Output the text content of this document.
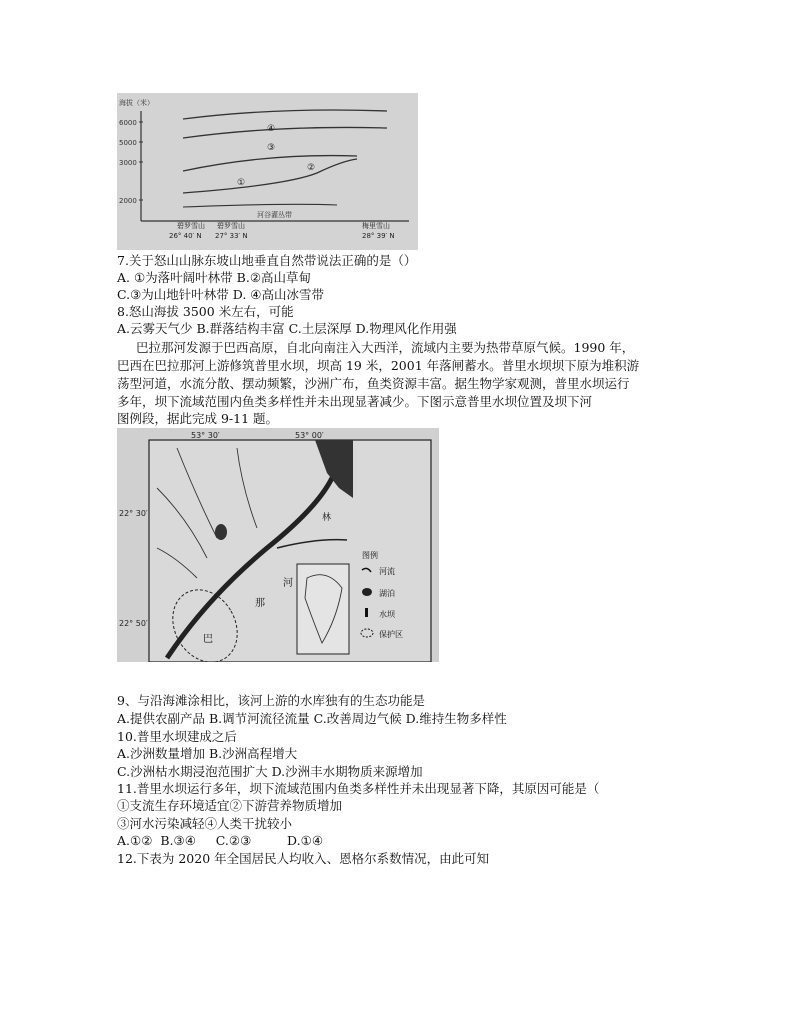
海拔（米）
6000
5000
3000
2000
④
③
②
①
河谷灌丛带
碧罗雪山
26° 40′ N
碧罗雪山
27° 33′ N
梅里雪山
28° 39′ N
7.关于怒山山脉东坡山地垂直自然带说法正确的是（）
A. ①为落叶阔叶林带 B.②高山草甸
C.③为山地针叶林带 D. ④高山冰雪带
8.怒山海拔 3500 米左右，可能
A.云雾天气少 B.群落结构丰富 C.土层深厚 D.物理风化作用强
巴拉那河发源于巴西高原，自北向南注入大西洋，流域内主要为热带草原气候。1990 年，
巴西在巴拉那河上游修筑普里水坝，坝高 19 米，2001 年落闸蓄水。普里水坝坝下原为堆积游
荡型河道，水流分散、摆动频繁，沙洲广布，鱼类资源丰富。据生物学家观测，普里水坝运行
多年，坝下流域范围内鱼类多样性并未出现显著减少。下图示意普里水坝位置及坝下河
图例段，据此完成 9-11 题。
53° 30′	53° 00′
22° 30′
22° 50′
林
河
那
巴
图例
河流
湖泊
水坝
保护区
9、与沿海滩涂相比，该河上游的水库独有的生态功能是
A.提供农副产品 B.调节河流径流量 C.改善周边气候 D.维持生物多样性
10.普里水坝建成之后
A.沙洲数量增加 B.沙洲高程增大
C.沙洲枯水期浸泡范围扩大 D.沙洲丰水期物质来源增加
11.普里水坝运行多年，坝下流域范围内鱼类多样性并未出现显著下降，其原因可能是（
①支流生存环境适宜②下游营养物质增加
③河水污染减轻④人类干扰较小
A.①②  B.③④     C.②③         D.①④
12.下表为 2020 年全国居民人均收入、恩格尔系数情况，由此可知
